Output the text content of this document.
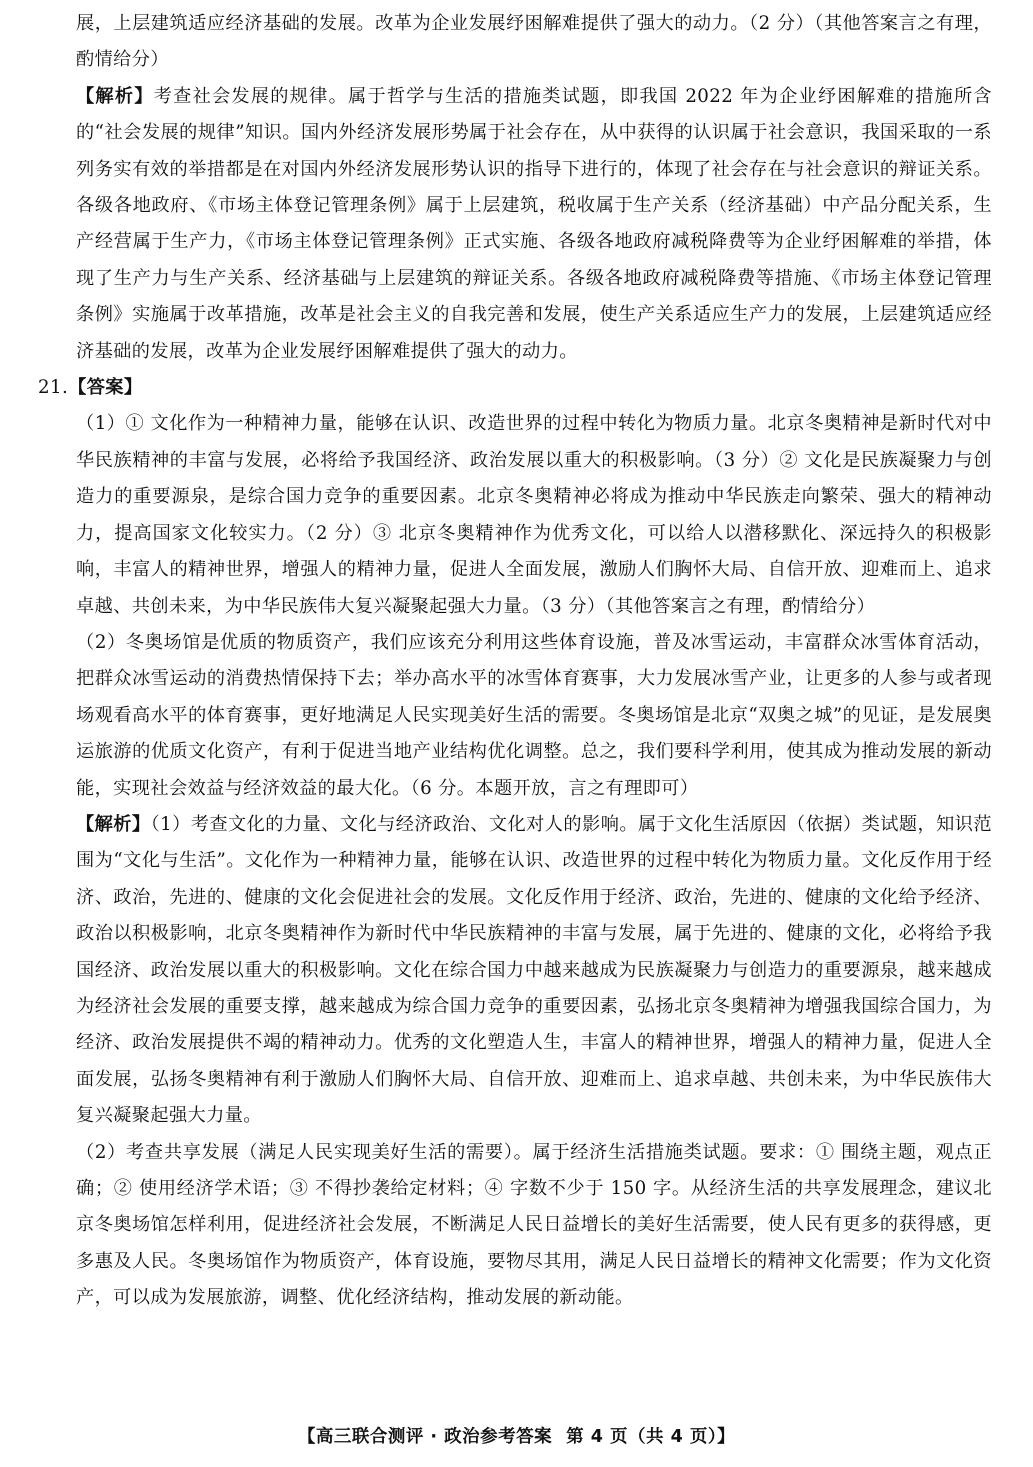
展，上层建筑适应经济基础的发展。改革为企业发展纾困解难提供了强大的动力。（2 分）（其他答案言之有理，酌情给分）

【解析】考查社会发展的规律。属于哲学与生活的措施类试题，即我国 2022 年为企业纾困解难的措施所含的“社会发展的规律”知识。国内外经济发展形势属于社会存在，从中获得的认识属于社会意识，我国采取的一系列务实有效的举措都是在对国内外经济发展形势认识的指导下进行的，体现了社会存在与社会意识的辩证关系。各级各地政府、《市场主体登记管理条例》属于上层建筑，税收属于生产关系（经济基础）中产品分配关系，生产经营属于生产力，《市场主体登记管理条例》正式实施、各级各地政府减税降费等为企业纾困解难的举措，体现了生产力与生产关系、经济基础与上层建筑的辩证关系。各级各地政府减税降费等措施、《市场主体登记管理条例》实施属于改革措施，改革是社会主义的自我完善和发展，使生产关系适应生产力的发展，上层建筑适应经济基础的发展，改革为企业发展纾困解难提供了强大的动力。

21.【答案】

（1）① 文化作为一种精神力量，能够在认识、改造世界的过程中转化为物质力量。北京冬奥精神是新时代对中华民族精神的丰富与发展，必将给予我国经济、政治发展以重大的积极影响。（3 分）② 文化是民族凝聚力与创造力的重要源泉，是综合国力竞争的重要因素。北京冬奥精神必将成为推动中华民族走向繁荣、强大的精神动力，提高国家文化较实力。（2 分）③ 北京冬奥精神作为优秀文化，可以给人以潜移默化、深远持久的积极影响，丰富人的精神世界，增强人的精神力量，促进人全面发展，激励人们胸怀大局、自信开放、迎难而上、追求卓越、共创未来，为中华民族伟大复兴凝聚起强大力量。（3 分）（其他答案言之有理，酌情给分）

（2）冬奥场馆是优质的物质资产，我们应该充分利用这些体育设施，普及冰雪运动，丰富群众冰雪体育活动，把群众冰雪运动的消费热情保持下去；举办高水平的冰雪体育赛事，大力发展冰雪产业，让更多的人参与或者现场观看高水平的体育赛事，更好地满足人民实现美好生活的需要。冬奥场馆是北京“双奥之城”的见证，是发展奥运旅游的优质文化资产，有利于促进当地产业结构优化调整。总之，我们要科学利用，使其成为推动发展的新动能，实现社会效益与经济效益的最大化。（6 分。本题开放，言之有理即可）

【解析】（1）考查文化的力量、文化与经济政治、文化对人的影响。属于文化生活原因（依据）类试题，知识范围为“文化与生活”。文化作为一种精神力量，能够在认识、改造世界的过程中转化为物质力量。文化反作用于经济、政治，先进的、健康的文化会促进社会的发展。文化反作用于经济、政治，先进的、健康的文化给予经济、政治以积极影响，北京冬奥精神作为新时代中华民族精神的丰富与发展，属于先进的、健康的文化，必将给予我国经济、政治发展以重大的积极影响。文化在综合国力中越来越成为民族凝聚力与创造力的重要源泉，越来越成为经济社会发展的重要支撑，越来越成为综合国力竞争的重要因素，弘扬北京冬奥精神为增强我国综合国力，为经济、政治发展提供不竭的精神动力。优秀的文化塑造人生，丰富人的精神世界，增强人的精神力量，促进人全面发展，弘扬冬奥精神有利于激励人们胸怀大局、自信开放、迎难而上、追求卓越、共创未来，为中华民族伟大复兴凝聚起强大力量。

（2）考查共享发展（满足人民实现美好生活的需要）。属于经济生活措施类试题。要求：① 围绕主题，观点正确；② 使用经济学术语；③ 不得抄袭给定材料；④ 字数不少于 150 字。从经济生活的共享发展理念，建议北京冬奥场馆怎样利用，促进经济社会发展，不断满足人民日益增长的美好生活需要，使人民有更多的获得感，更多惠及人民。冬奥场馆作为物质资产，体育设施，要物尽其用，满足人民日益增长的精神文化需要；作为文化资产，可以成为发展旅游，调整、优化经济结构，推动发展的新动能。

【高三联合测评 · 政治参考答案 第 4 页（共 4 页）】
